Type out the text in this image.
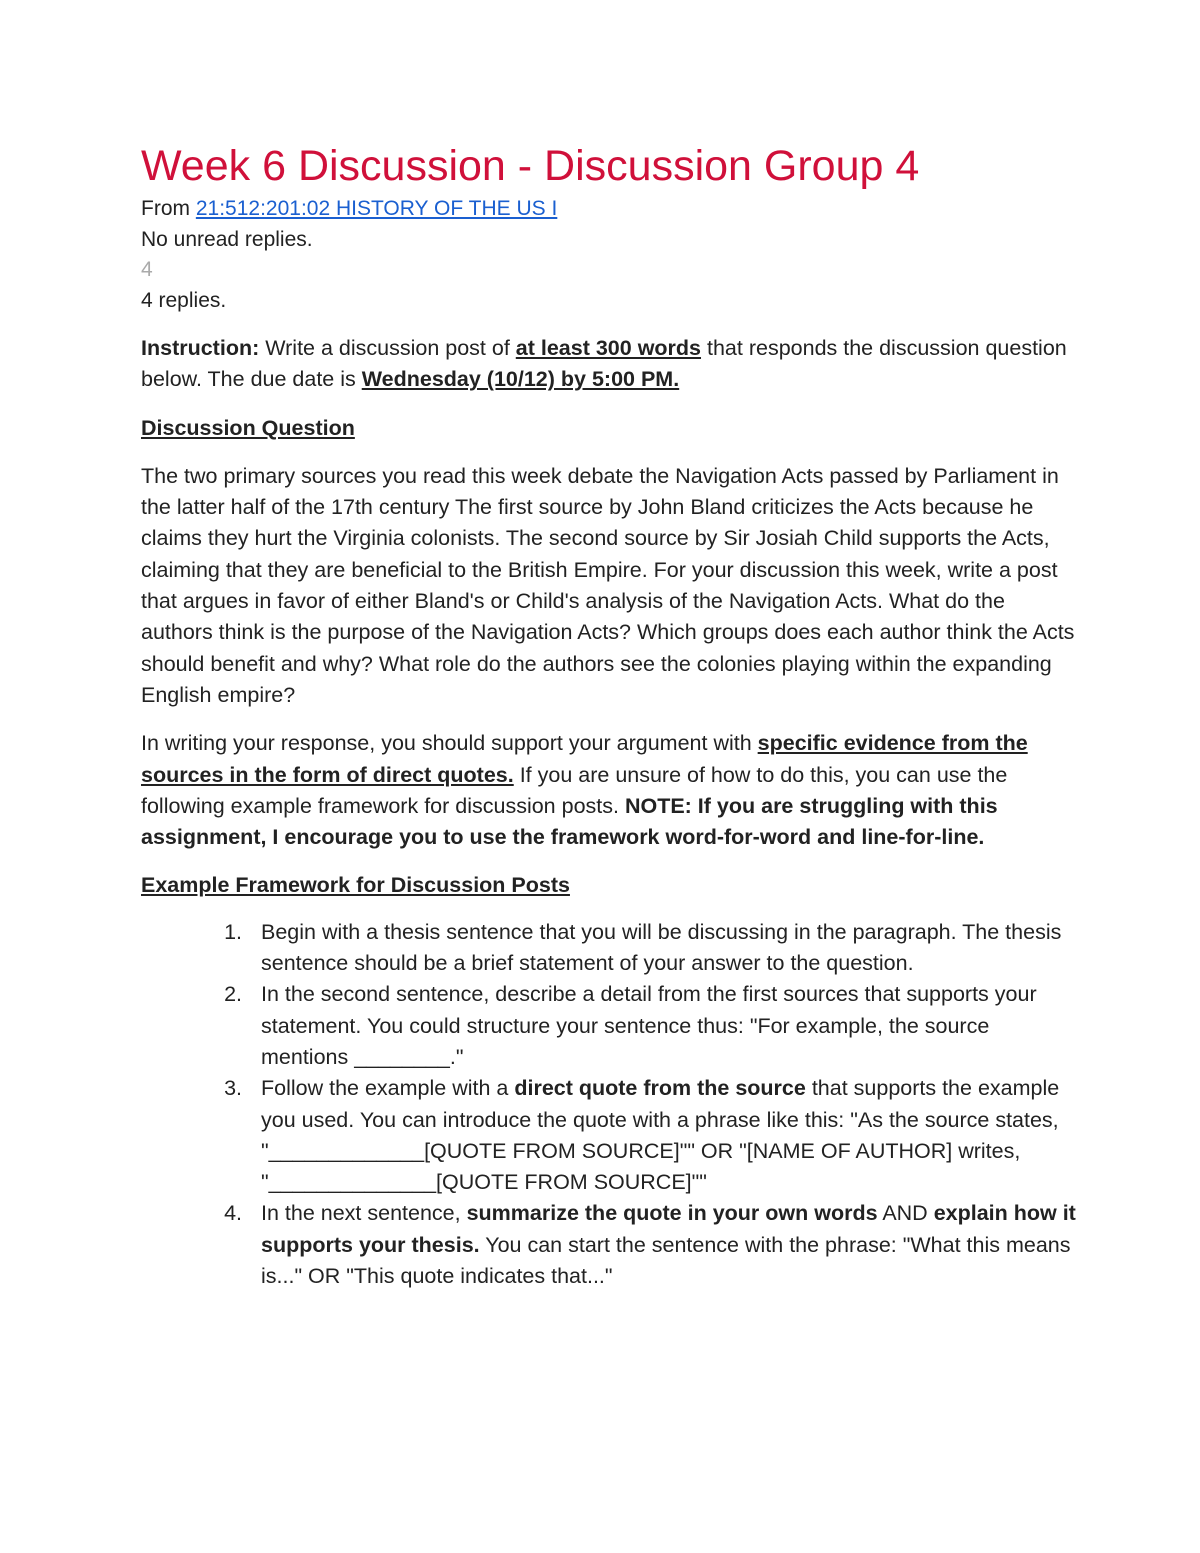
Week 6 Discussion - Discussion Group 4
From 21:512:201:02 HISTORY OF THE US I
No unread replies.
4
4 replies.

Instruction: Write a discussion post of at least 300 words that responds the discussion question below. The due date is Wednesday (10/12) by 5:00 PM.

Discussion Question

The two primary sources you read this week debate the Navigation Acts passed by Parliament in the latter half of the 17th century The first source by John Bland criticizes the Acts because he claims they hurt the Virginia colonists. The second source by Sir Josiah Child supports the Acts, claiming that they are beneficial to the British Empire. For your discussion this week, write a post that argues in favor of either Bland's or Child's analysis of the Navigation Acts. What do the authors think is the purpose of the Navigation Acts? Which groups does each author think the Acts should benefit and why? What role do the authors see the colonies playing within the expanding English empire?

In writing your response, you should support your argument with specific evidence from the sources in the form of direct quotes. If you are unsure of how to do this, you can use the following example framework for discussion posts. NOTE: If you are struggling with this assignment, I encourage you to use the framework word-for-word and line-for-line.

Example Framework for Discussion Posts

1. Begin with a thesis sentence that you will be discussing in the paragraph. The thesis sentence should be a brief statement of your answer to the question.
2. In the second sentence, describe a detail from the first sources that supports your statement. You could structure your sentence thus: "For example, the source mentions ________."
3. Follow the example with a direct quote from the source that supports the example you used. You can introduce the quote with a phrase like this: "As the source states, "_____________[QUOTE FROM SOURCE]"" OR "[NAME OF AUTHOR] writes, "______________[QUOTE FROM SOURCE]""
4. In the next sentence, summarize the quote in your own words AND explain how it supports your thesis. You can start the sentence with the phrase: "What this means is..." OR "This quote indicates that..."
